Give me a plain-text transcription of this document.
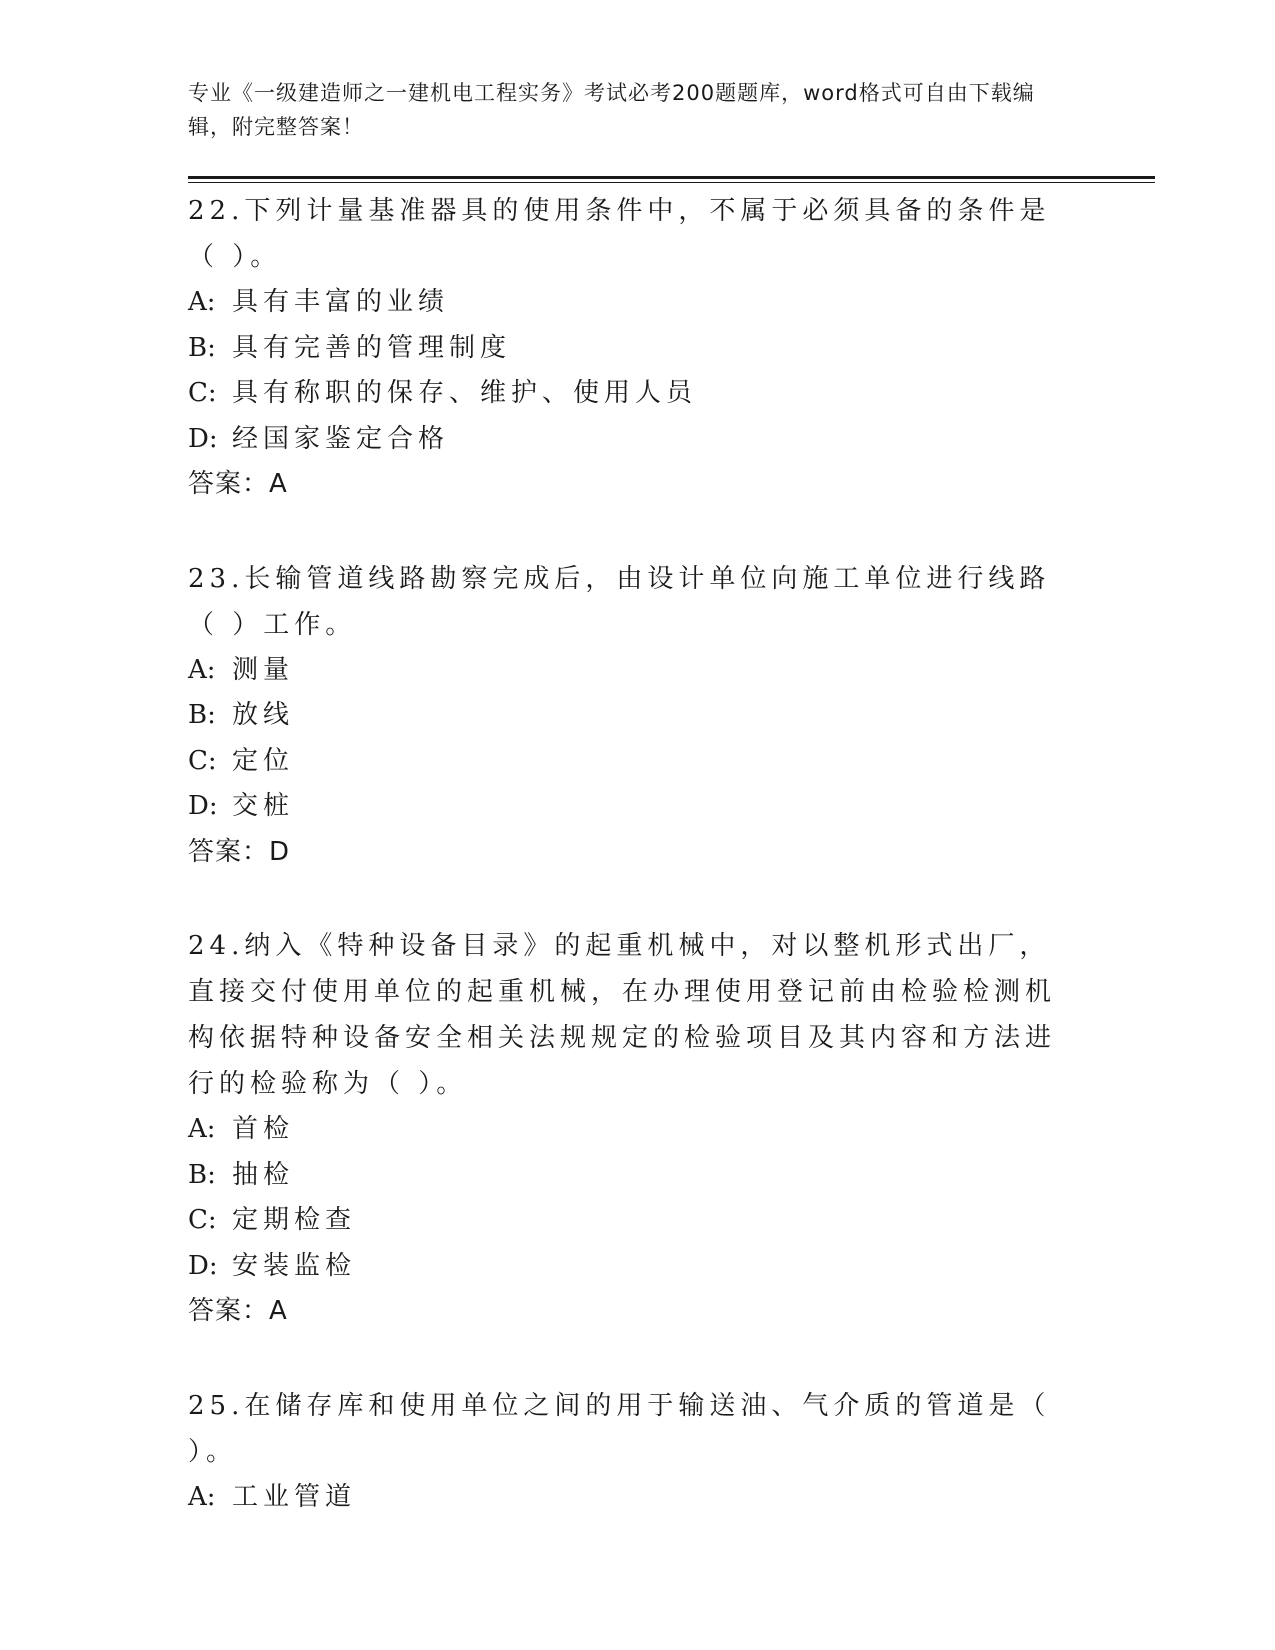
专业《一级建造师之一建机电工程实务》考试必考200题题库，word格式可自由下载编辑，附完整答案！

22.下列计量基准器具的使用条件中，不属于必须具备的条件是（ ）。

A: 具有丰富的业绩

B: 具有完善的管理制度

C: 具有称职的保存、维护、使用人员

D: 经国家鉴定合格

答案：A

23.长输管道线路勘察完成后，由设计单位向施工单位进行线路（ ）工作。

A: 测量

B: 放线

C: 定位

D: 交桩

答案：D

24.纳入《特种设备目录》的起重机械中，对以整机形式出厂，直接交付使用单位的起重机械，在办理使用登记前由检验检测机构依据特种设备安全相关法规规定的检验项目及其内容和方法进行的检验称为（ ）。

A: 首检

B: 抽检

C: 定期检查

D: 安装监检

答案：A

25.在储存库和使用单位之间的用于输送油、气介质的管道是（ ）。

A: 工业管道
